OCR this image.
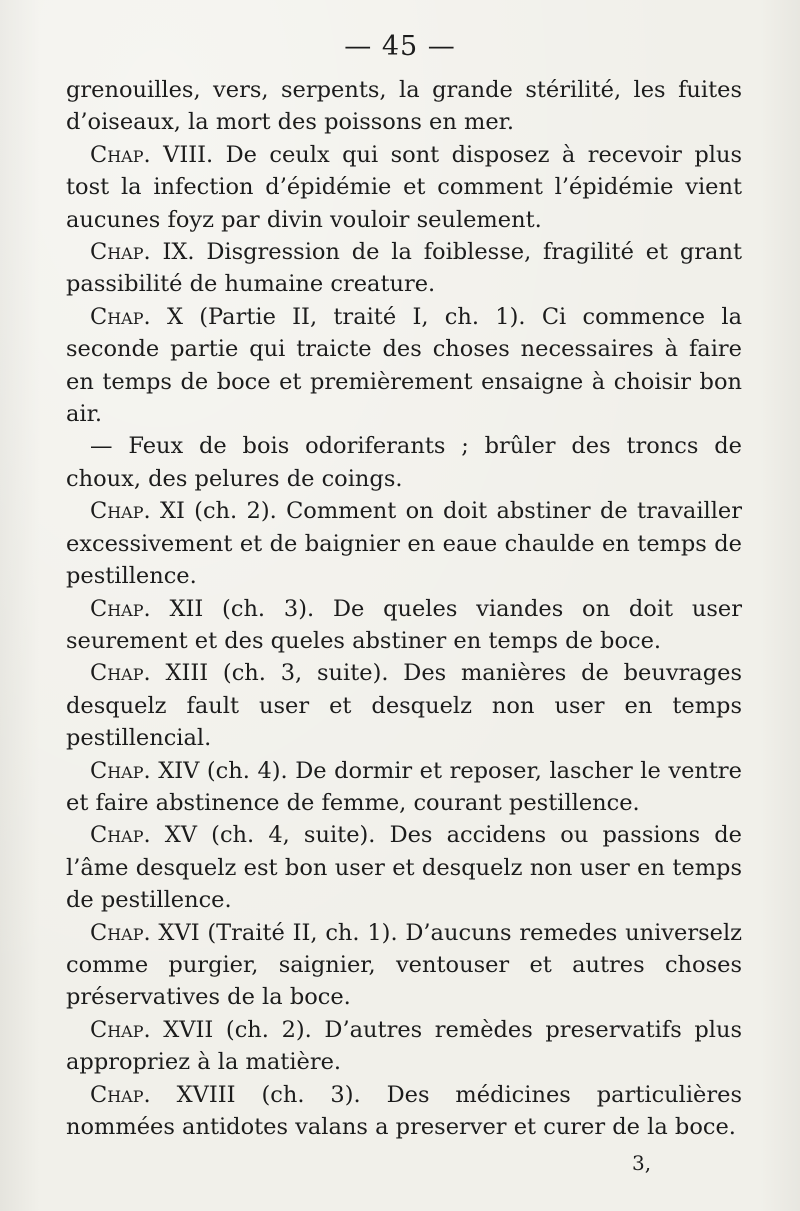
— 45 —

grenouilles, vers, serpents, la grande stérilité, les fuites d’oiseaux, la mort des poissons en mer.

Chap. VIII. De ceulx qui sont disposez à recevoir plus tost la infection d’épidémie et comment l’épidémie vient aucunes foyz par divin vouloir seulement.

Chap. IX. Disgression de la foiblesse, fragilité et grant passibilité de humaine creature.

Chap. X (Partie II, traité I, ch. 1). Ci commence la seconde partie qui traicte des choses necessaires à faire en temps de boce et premièrement ensaigne à choisir bon air.

— Feux de bois odoriferants ; brûler des troncs de choux, des pelures de coings.

Chap. XI (ch. 2). Comment on doit abstiner de travailler excessivement et de baignier en eaue chaulde en temps de pestillence.

Chap. XII (ch. 3). De queles viandes on doit user seurement et des queles abstiner en temps de boce.

Chap. XIII (ch. 3, suite). Des manières de beuvrages desquelz fault user et desquelz non user en temps pestillencial.

Chap. XIV (ch. 4). De dormir et reposer, lascher le ventre et faire abstinence de femme, courant pestillence.

Chap. XV (ch. 4, suite). Des accidens ou passions de l’âme desquelz est bon user et desquelz non user en temps de pestillence.

Chap. XVI (Traité II, ch. 1). D’aucuns remedes universelz comme purgier, saignier, ventouser et autres choses préservatives de la boce.

Chap. XVII (ch. 2). D’autres remèdes preservatifs plus appropriez à la matière.

Chap. XVIII (ch. 3). Des médicines particulières nommées antidotes valans a preserver et curer de la boce.

3,
